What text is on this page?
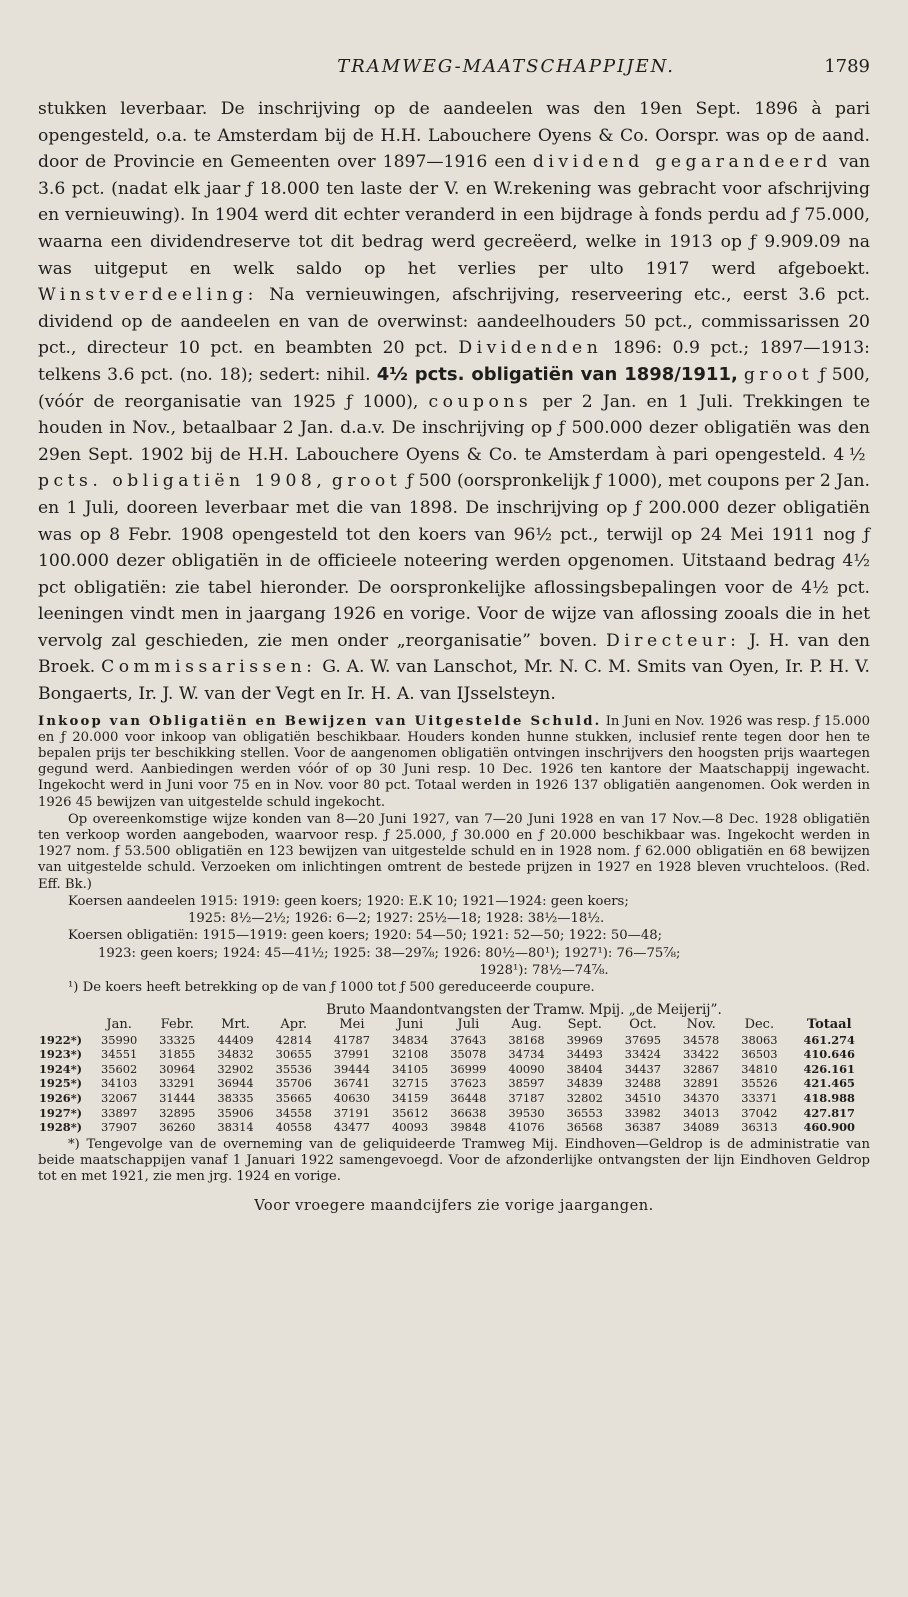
TRAMWEG-MAATSCHAPPIJEN.	1789

stukken leverbaar. De inschrijving op de aandeelen was den 19en Sept. 1896 à pari opengesteld, o.a. te Amsterdam bij de H.H. Labouchere Oyens & Co. Oorspr. was op de aand. door de Provincie en Gemeenten over 1897—1916 een dividend gegarandeerd van 3.6 pct. (nadat elk jaar ƒ 18.000 ten laste der V. en W.rekening was gebracht voor afschrijving en vernieuwing). In 1904 werd dit echter veranderd in een bijdrage à fonds perdu ad ƒ 75.000, waarna een dividendreserve tot dit bedrag werd gecreëerd, welke in 1913 op ƒ 9.909.09 na was uitgeput en welk saldo op het verlies per ulto 1917 werd afgeboekt. Winstverdeeling: Na vernieuwingen, afschrijving, reserveering etc., eerst 3.6 pct. dividend op de aandeelen en van de overwinst: aandeelhouders 50 pct., commissarissen 20 pct., directeur 10 pct. en beambten 20 pct. Dividenden 1896: 0.9 pct.; 1897—1913: telkens 3.6 pct. (no. 18); sedert: nihil. 4½ pcts. obligatiën van 1898/1911, groot ƒ 500, (vóór de reorganisatie van 1925 ƒ 1000), coupons per 2 Jan. en 1 Juli. Trekkingen te houden in Nov., betaalbaar 2 Jan. d.a.v. De inschrijving op ƒ 500.000 dezer obligatiën was den 29en Sept. 1902 bij de H.H. Labouchere Oyens & Co. te Amsterdam à pari opengesteld. 4½ pcts. obligatiën 1908, groot ƒ 500 (oorspronkelijk ƒ 1000), met coupons per 2 Jan. en 1 Juli, dooreen leverbaar met die van 1898. De inschrijving op ƒ 200.000 dezer obligatiën was op 8 Febr. 1908 opengesteld tot den koers van 96½ pct., terwijl op 24 Mei 1911 nog ƒ 100.000 dezer obligatiën in de officieele noteering werden opgenomen. Uitstaand bedrag 4½ pct obligatiën: zie tabel hieronder. De oorspronkelijke aflossingsbepalingen voor de 4½ pct. leeningen vindt men in jaargang 1926 en vorige. Voor de wijze van aflossing zooals die in het vervolg zal geschieden, zie men onder „reorganisatie” boven. Directeur: J. H. van den Broek. Commissarissen: G. A. W. van Lanschot, Mr. N. C. M. Smits van Oyen, Ir. P. H. V. Bongaerts, Ir. J. W. van der Vegt en Ir. H. A. van IJsselsteyn.

Inkoop van Obligatiën en Bewijzen van Uitgestelde Schuld. In Juni en Nov. 1926 was resp. ƒ 15.000 en ƒ 20.000 voor inkoop van obligatiën beschikbaar. Houders konden hunne stukken, inclusief rente tegen door hen te bepalen prijs ter beschikking stellen. Voor de aangenomen obligatiën ontvingen inschrijvers den hoogsten prijs waartegen gegund werd. Aanbiedingen werden vóór of op 30 Juni resp. 10 Dec. 1926 ten kantore der Maatschappij ingewacht. Ingekocht werd in Juni voor 75 en in Nov. voor 80 pct. Totaal werden in 1926 137 obligatiën aangenomen. Ook werden in 1926 45 bewijzen van uitgestelde schuld ingekocht.

Op overeenkomstige wijze konden van 8—20 Juni 1927, van 7—20 Juni 1928 en van 17 Nov.—8 Dec. 1928 obligatiën ten verkoop worden aangeboden, waarvoor resp. ƒ 25.000, ƒ 30.000 en ƒ 20.000 beschikbaar was. Ingekocht werden in 1927 nom. ƒ 53.500 obligatiën en 123 bewijzen van uitgestelde schuld en in 1928 nom. ƒ 62.000 obligatiën en 68 bewijzen van uitgestelde schuld. Verzoeken om inlichtingen omtrent de bestede prijzen in 1927 en 1928 bleven vruchteloos. (Red. Eff. Bk.)

Koersen aandeelen 1915: 1919: geen koers; 1920: E.K 10; 1921—1924: geen koers;

1925: 8½—2½; 1926: 6—2; 1927: 25½—18; 1928: 38½—18½.

Koersen obligatiën: 1915—1919: geen koers; 1920: 54—50; 1921: 52—50; 1922: 50—48;

1923: geen koers; 1924: 45—41½; 1925: 38—29⅞; 1926: 80½—80¹); 1927¹): 76—75⅞;

1928¹): 78½—74⅞.

¹) De koers heeft betrekking op de van ƒ 1000 tot ƒ 500 gereduceerde coupure.

Bruto Maandontvangsten der Tramw. Mpij. „de Meijerij”.
	Jan.	Febr.	Mrt.	Apr.	Mei	Juni	Juli	Aug.	Sept.	Oct.	Nov.	Dec.	Totaal
1922*)	35990	33325	44409	42814	41787	34834	37643	38168	39969	37695	34578	38063	461.274
1923*)	34551	31855	34832	30655	37991	32108	35078	34734	34493	33424	33422	36503	410.646
1924*)	35602	30964	32902	35536	39444	34105	36999	40090	38404	34437	32867	34810	426.161
1925*)	34103	33291	36944	35706	36741	32715	37623	38597	34839	32488	32891	35526	421.465
1926*)	32067	31444	38335	35665	40630	34159	36448	37187	32802	34510	34370	33371	418.988
1927*)	33897	32895	35906	34558	37191	35612	36638	39530	36553	33982	34013	37042	427.817
1928*)	37907	36260	38314	40558	43477	40093	39848	41076	36568	36387	34089	36313	460.900

*) Tengevolge van de overneming van de geliquideerde Tramweg Mij. Eindhoven—Geldrop is de administratie van beide maatschappijen vanaf 1 Januari 1922 samengevoegd. Voor de afzonderlijke ontvangsten der lijn Eindhoven Geldrop tot en met 1921, zie men jrg. 1924 en vorige.

Voor vroegere maandcijfers zie vorige jaargangen.
